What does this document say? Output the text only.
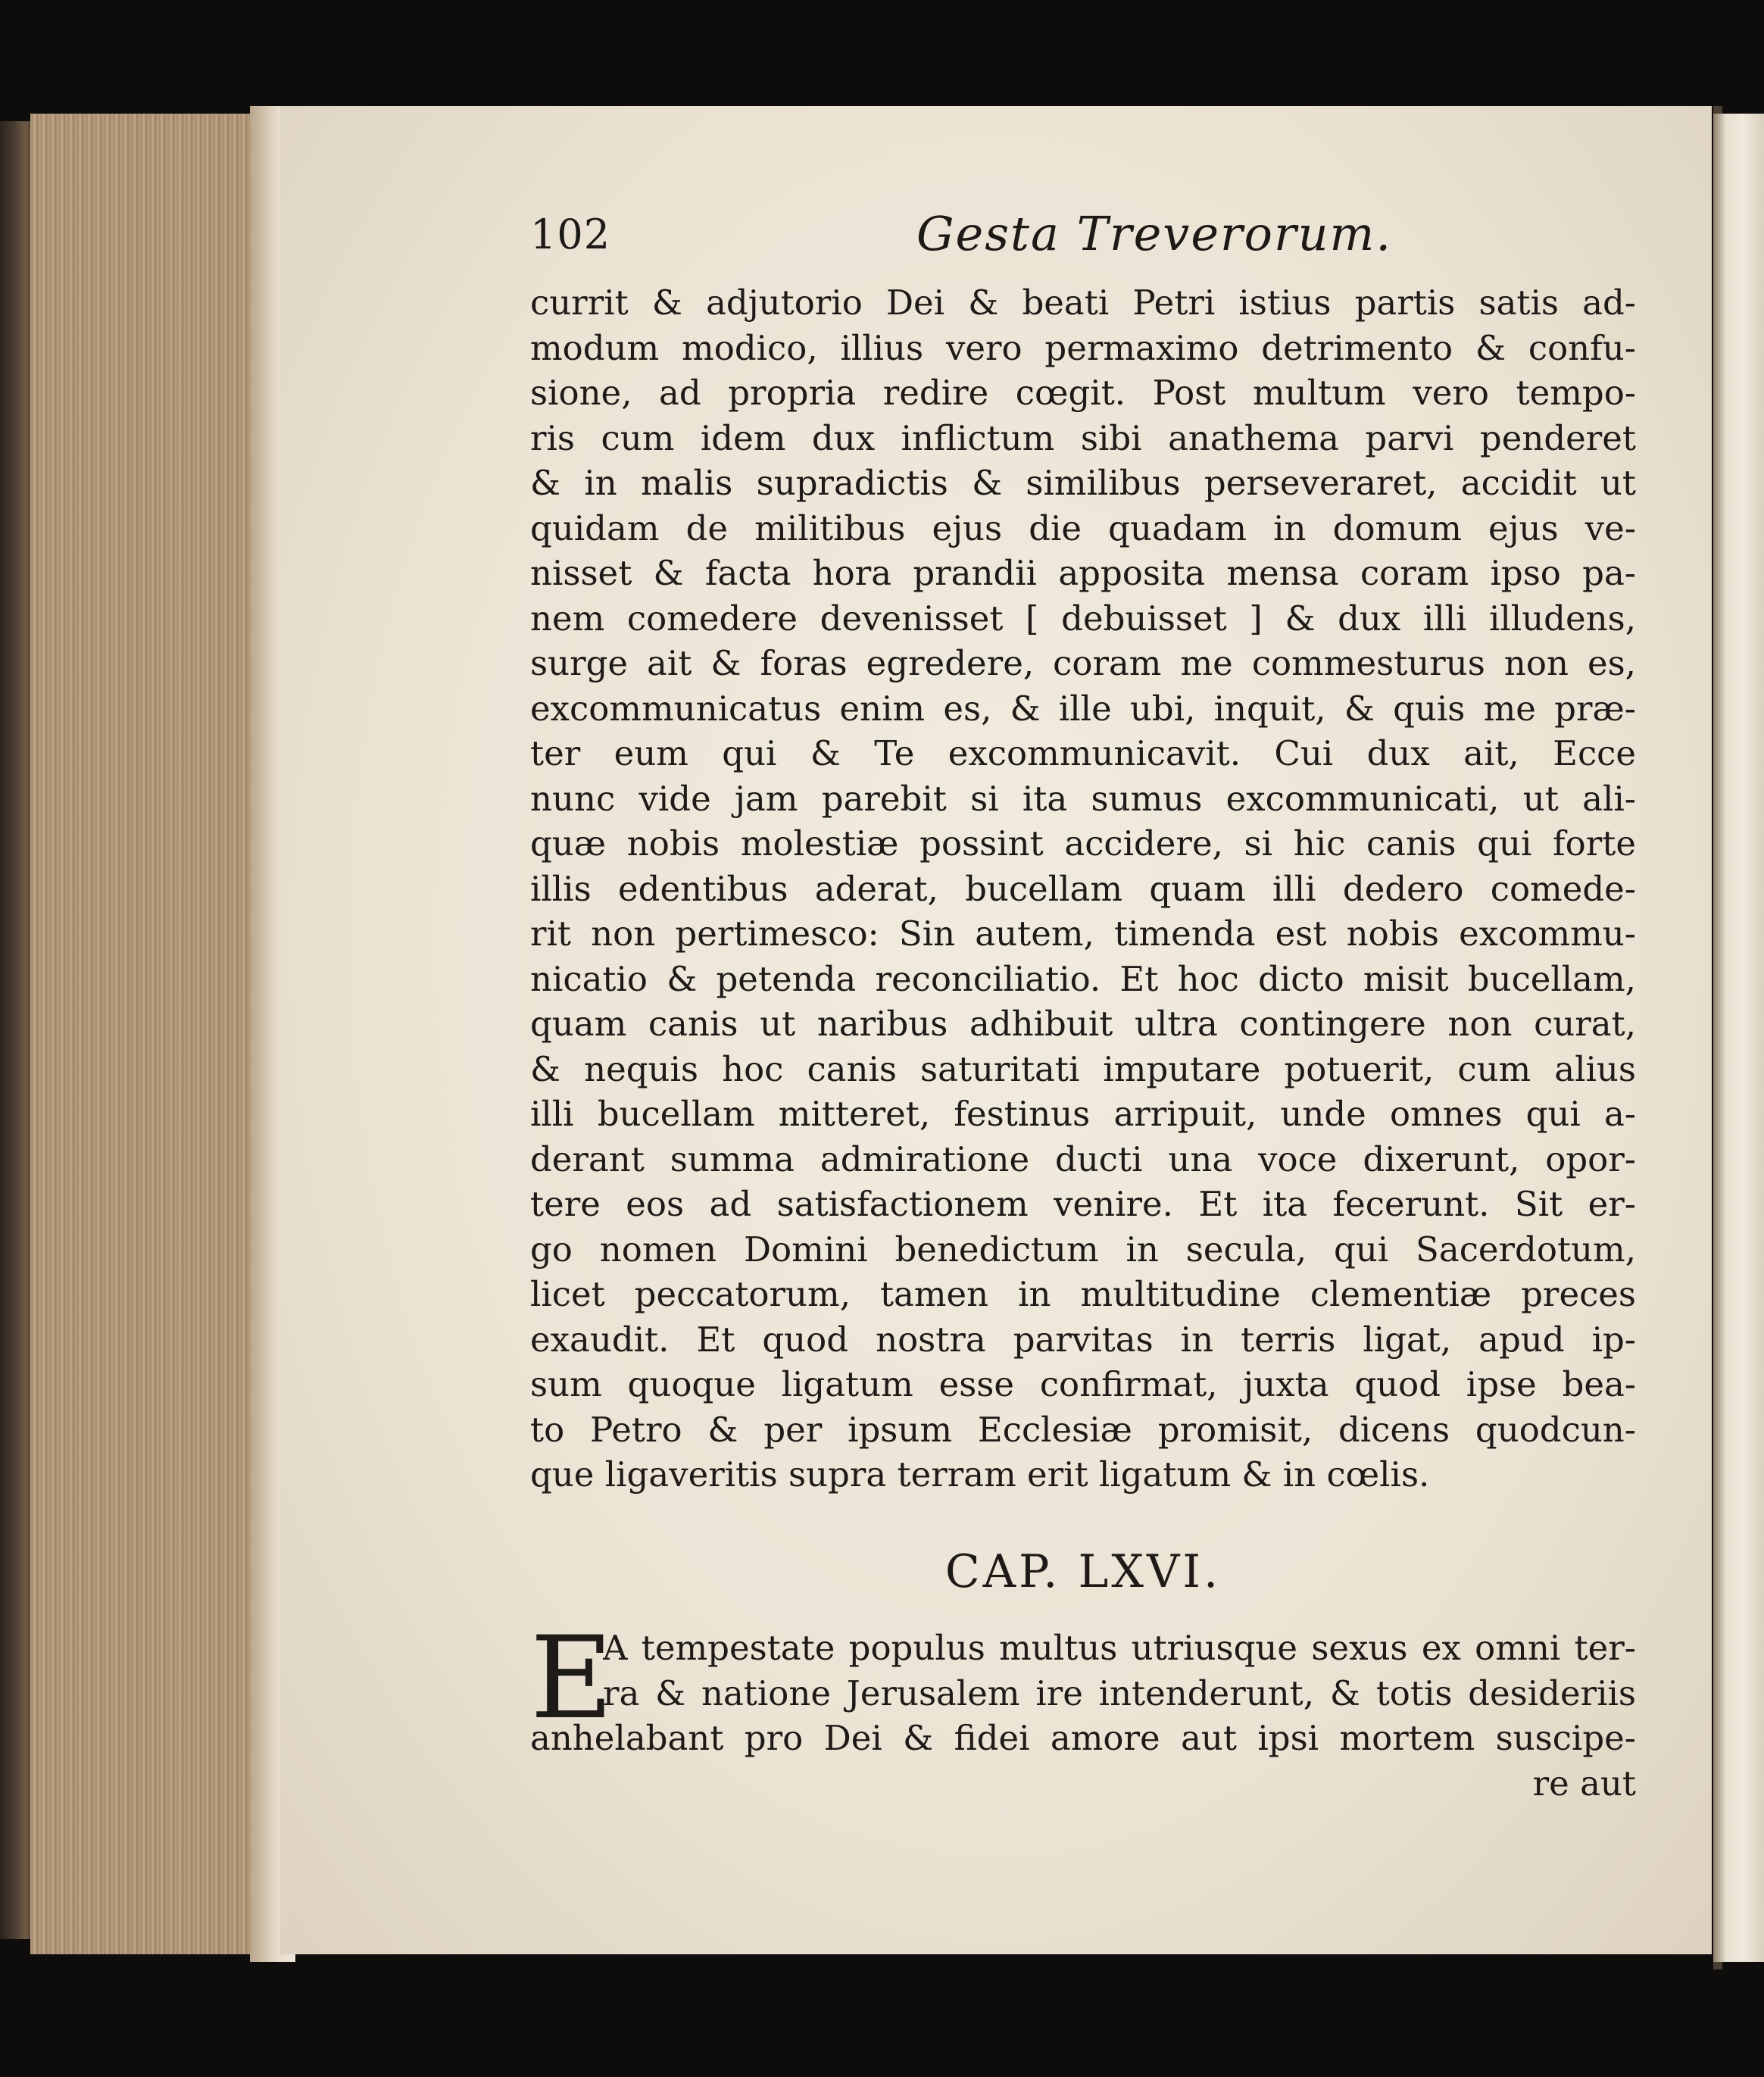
102	Gesta Treverorum.
currit & adjutorio Dei & beati Petri istius partis satis ad-
modum modico, illius vero permaximo detrimento & confu-
sione, ad propria redire cœgit. Post multum vero tempo-
ris cum idem dux inflictum sibi anathema parvi penderet
& in malis supradictis & similibus perseveraret, accidit ut
quidam de militibus ejus die quadam in domum ejus ve-
nisset & facta hora prandii apposita mensa coram ipso pa-
nem comedere devenisset [ debuisset ] & dux illi illudens,
surge ait & foras egredere, coram me commesturus non es,
excommunicatus enim es, & ille ubi, inquit, & quis me præ-
ter eum qui & Te excommunicavit. Cui dux ait, Ecce
nunc vide jam parebit si ita sumus excommunicati, ut ali-
quæ nobis molestiæ possint accidere, si hic canis qui forte
illis edentibus aderat, bucellam quam illi dedero comede-
rit non pertimesco: Sin autem, timenda est nobis excommu-
nicatio & petenda reconciliatio. Et hoc dicto misit bucellam,
quam canis ut naribus adhibuit ultra contingere non curat,
& nequis hoc canis saturitati imputare potuerit, cum alius
illi bucellam mitteret, festinus arripuit, unde omnes qui a-
derant summa admiratione ducti una voce dixerunt, opor-
tere eos ad satisfactionem venire. Et ita fecerunt. Sit er-
go nomen Domini benedictum in secula, qui Sacerdotum,
licet peccatorum, tamen in multitudine clementiæ preces
exaudit. Et quod nostra parvitas in terris ligat, apud ip-
sum quoque ligatum esse confirmat, juxta quod ipse bea-
to Petro & per ipsum Ecclesiæ promisit, dicens quodcun-
que ligaveritis supra terram erit ligatum & in cœlis.
CAP. LXVI.
E
A tempestate populus multus utriusque sexus ex omni ter-
ra & natione Jerusalem ire intenderunt, & totis desideriis
anhelabant pro Dei & fidei amore aut ipsi mortem suscipe-
re aut
